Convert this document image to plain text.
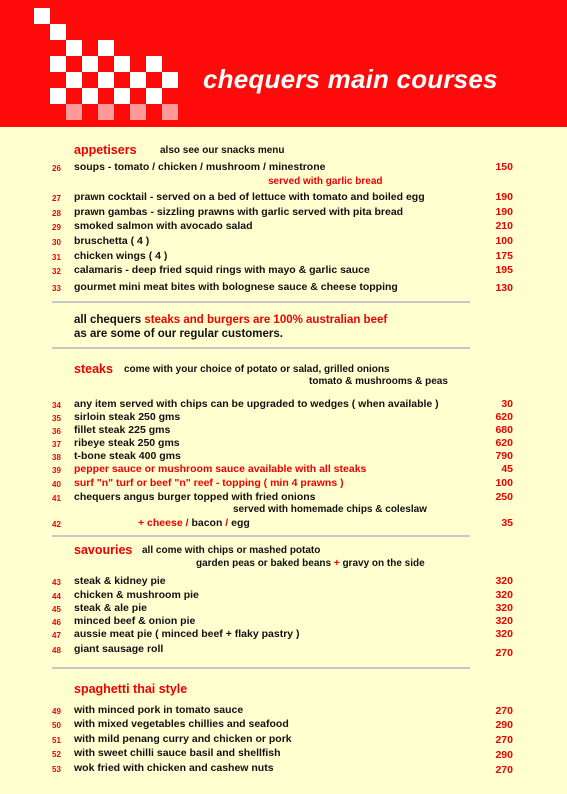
chequers main courses
appetisers also see our snacks menu
26 soups - tomato / chicken / mushroom / minestrone	150
served with garlic bread
27 prawn cocktail - served on a bed of lettuce with tomato and boiled egg	190
28 prawn gambas - sizzling prawns with garlic served with pita bread	190
29 smoked salmon with avocado salad	210
30 bruschetta ( 4 )	100
31 chicken wings ( 4 )	175
32 calamaris - deep fried squid rings with mayo & garlic sauce	195
33 gourmet mini meat bites with bolognese sauce & cheese topping	130
all chequers steaks and burgers are 100% australian beef
as are some of our regular customers.
steaks come with your choice of potato or salad, grilled onions
tomato & mushrooms & peas
34 any item served with chips can be upgraded to wedges ( when available )	30
35 sirloin steak 250 gms	620
36 fillet steak 225 gms	680
37 ribeye steak 250 gms	620
38 t-bone steak 400 gms	790
39 pepper sauce or mushroom sauce available with all steaks	45
40 surf "n" turf or beef "n" reef - topping ( min 4 prawns )	100
41 chequers angus burger topped with fried onions	250
served with homemade chips & coleslaw
42	+ cheese / bacon / egg	35
savouries all come with chips or mashed potato
garden peas or baked beans + gravy on the side
43 steak & kidney pie	320
44 chicken & mushroom pie	320
45 steak & ale pie	320
46 minced beef & onion pie	320
47 aussie meat pie ( minced beef + flaky pastry )	320
48 giant sausage roll	270
spaghetti thai style
49 with minced pork in tomato sauce	270
50 with mixed vegetables chillies and seafood	290
51 with mild penang curry and chicken or pork	270
52 with sweet chilli sauce basil and shellfish	290
53 wok fried with chicken and cashew nuts	270
